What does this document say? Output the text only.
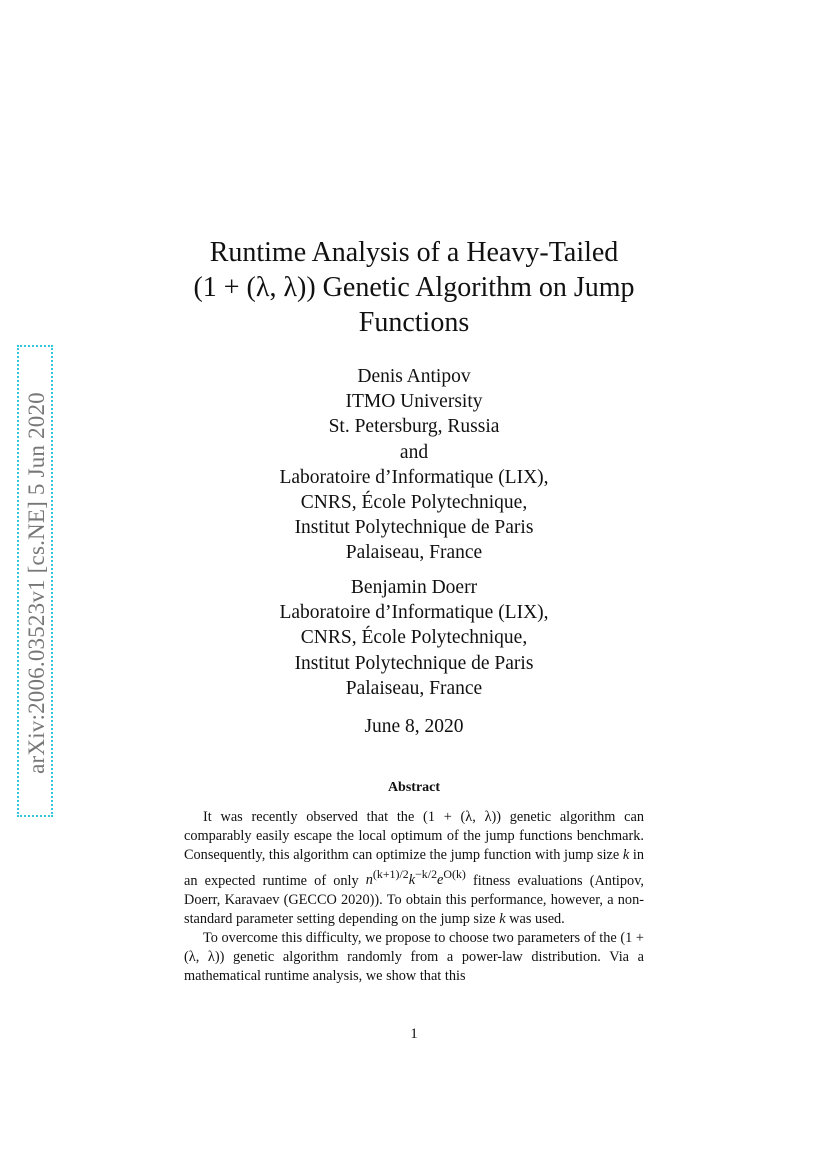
arXiv:2006.03523v1 [cs.NE] 5 Jun 2020
Runtime Analysis of a Heavy-Tailed
(1 + (λ, λ)) Genetic Algorithm on Jump
Functions
Denis Antipov
ITMO University
St. Petersburg, Russia
and
Laboratoire d’Informatique (LIX),
CNRS, École Polytechnique,
Institut Polytechnique de Paris
Palaiseau, France
Benjamin Doerr
Laboratoire d’Informatique (LIX),
CNRS, École Polytechnique,
Institut Polytechnique de Paris
Palaiseau, France
June 8, 2020
Abstract

It was recently observed that the (1 + (λ, λ)) genetic algorithm can comparably easily escape the local optimum of the jump functions benchmark. Consequently, this algorithm can optimize the jump function with jump size k in an expected runtime of only $n^{(k+1)/2}k^{-k/2}e^{O(k)}$ fitness evaluations (Antipov, Doerr, Karavaev (GECCO 2020)). To obtain this performance, however, a non-standard parameter setting depending on the jump size k was used.

To overcome this difficulty, we propose to choose two parameters of the (1 + (λ, λ)) genetic algorithm randomly from a power-law distribution. Via a mathematical runtime analysis, we show that this

1
